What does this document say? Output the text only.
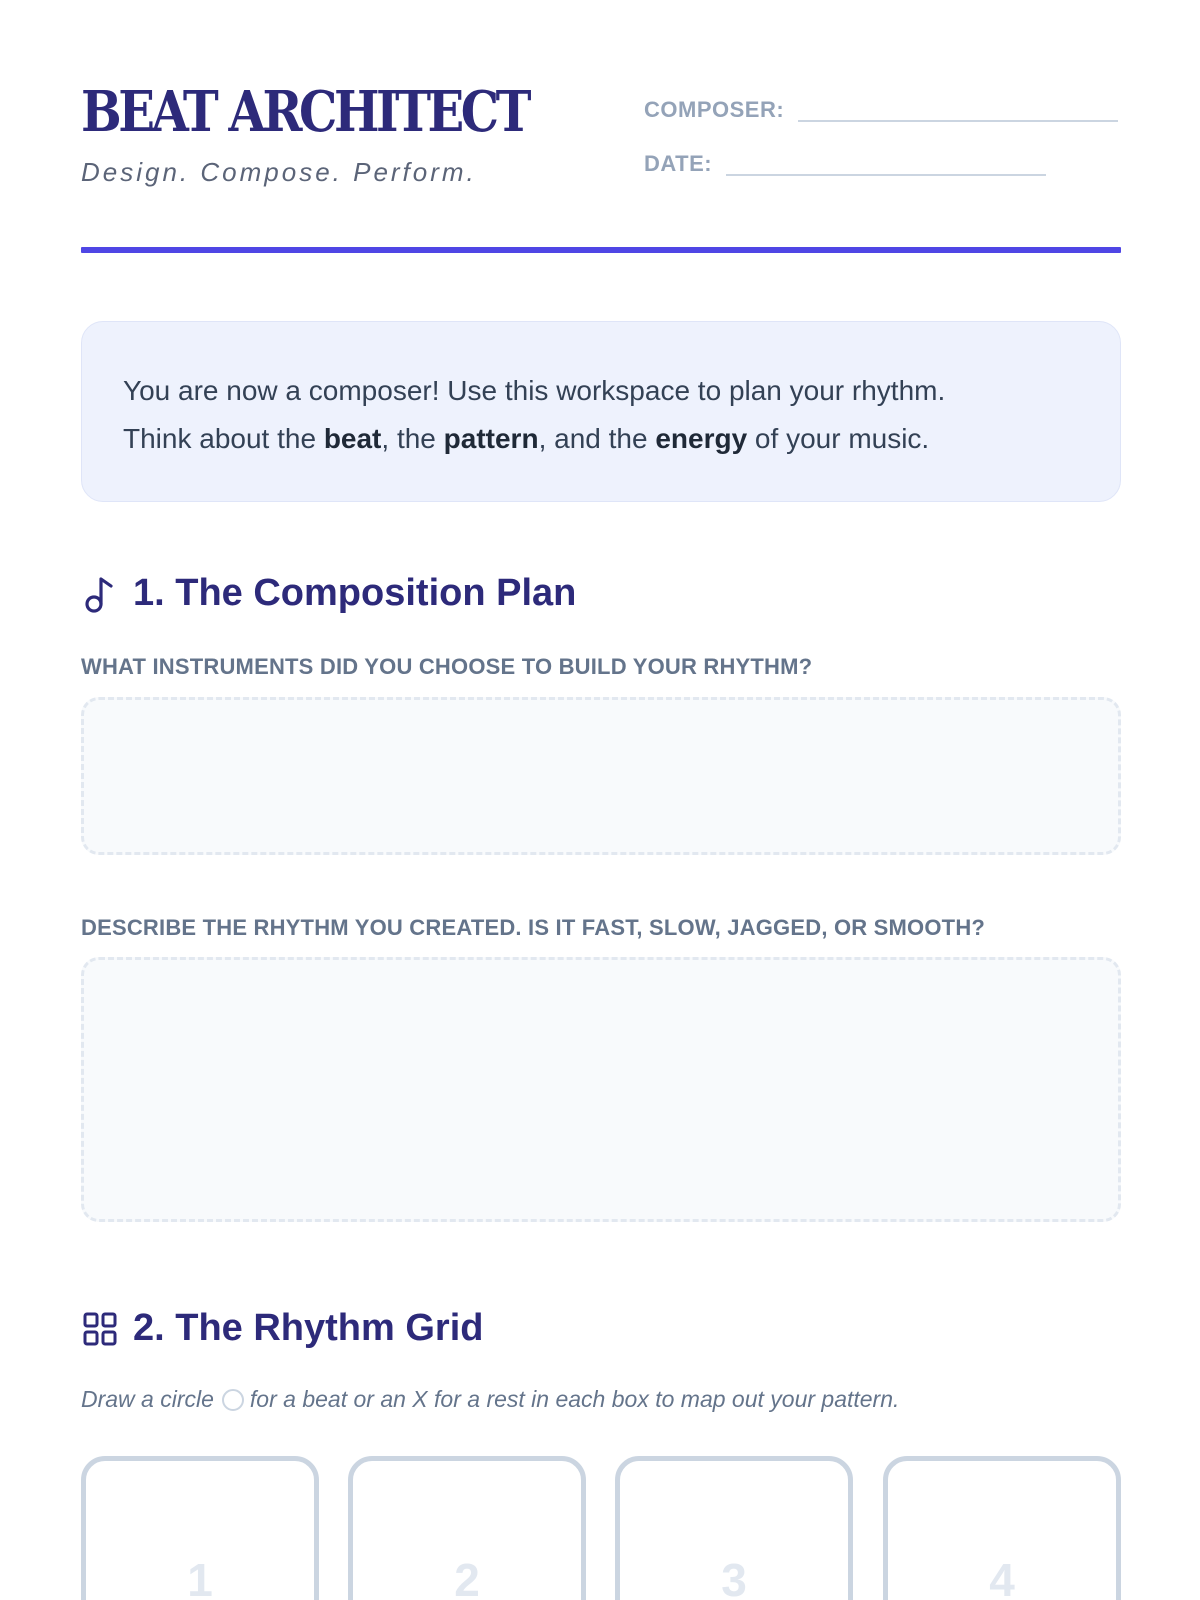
BEAT ARCHITECT
Design. Compose. Perform.
COMPOSER:
DATE:
You are now a composer! Use this workspace to plan your rhythm.
Think about the beat, the pattern, and the energy of your music.
1. The Composition Plan
WHAT INSTRUMENTS DID YOU CHOOSE TO BUILD YOUR RHYTHM?
DESCRIBE THE RHYTHM YOU CREATED. IS IT FAST, SLOW, JAGGED, OR SMOOTH?
2. The Rhythm Grid
Draw a circle for a beat or an X for a rest in each box to map out your pattern.
1	2	3	4
